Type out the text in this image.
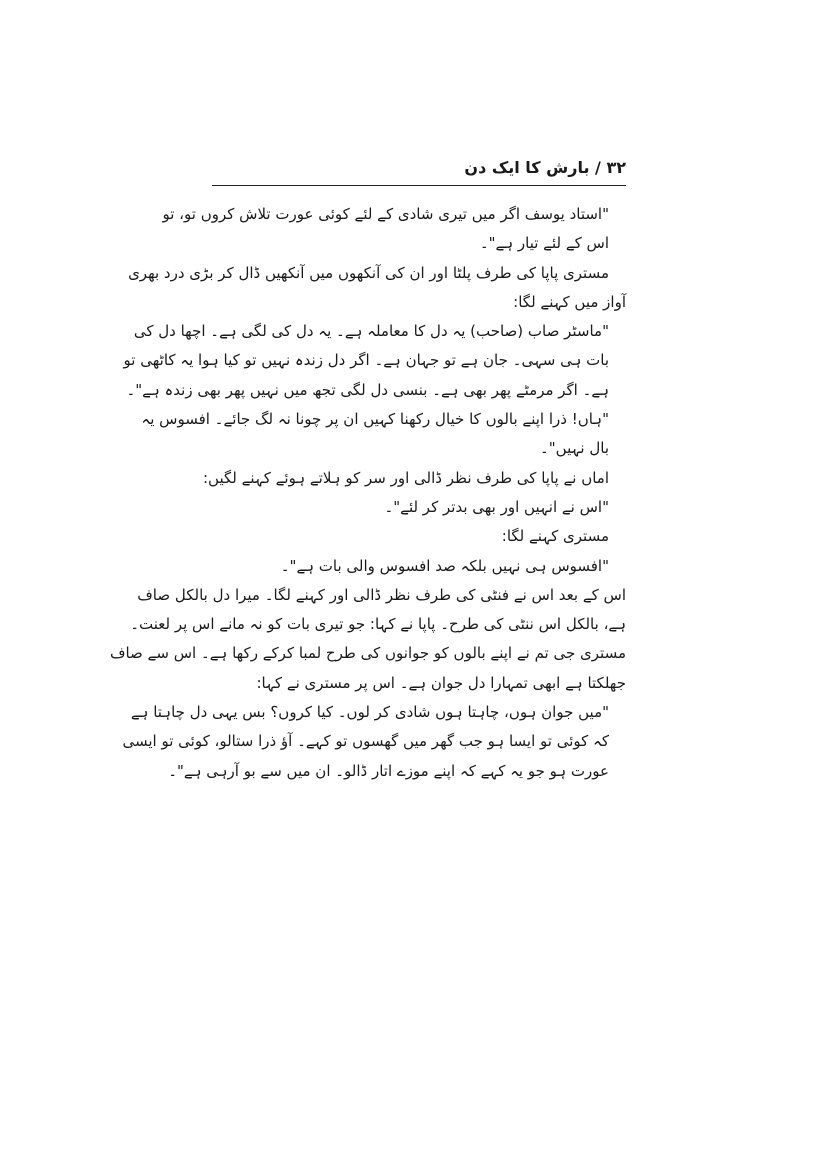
۳۲ / بارش کا ایک دن
"استاد یوسف اگر میں تیری شادی کے لئے کوئی عورت تلاش کروں تو، تو
اس کے لئے تیار ہے"۔
مستری پاپا کی طرف پلٹا اور ان کی آنکھوں میں آنکھیں ڈال کر بڑی درد بھری
آواز میں کہنے لگا:
"ماسٹر صاب (صاحب) یہ دل کا معاملہ ہے۔ یہ دل کی لگی ہے۔ اچھا دل کی
بات ہی سہی۔ جان ہے تو جہان ہے۔ اگر دل زندہ نہیں تو کیا ہوا یہ کاٹھی تو
ہے۔ اگر مرمٹے پھر بھی ہے۔ بنسی دل لگی تجھ میں نہیں پھر بھی زندہ ہے"۔
"ہاں! ذرا اپنے بالوں کا خیال رکھنا کہیں ان پر چونا نہ لگ جائے۔ افسوس یہ
بال نہیں"۔
اماں نے پاپا کی طرف نظر ڈالی اور سر کو ہلاتے ہوئے کہنے لگیں:
"اس نے انہیں اور بھی بدتر کر لئے"۔
مستری کہنے لگا:
"افسوس ہی نہیں بلکہ صد افسوس والی بات ہے"۔
اس کے بعد اس نے فنٹی کی طرف نظر ڈالی اور کہنے لگا۔ میرا دل بالکل صاف
ہے، بالکل اس ننٹی کی طرح۔ پاپا نے کہا: جو تیری بات کو نہ مانے اس پر لعنت۔
مستری جی تم نے اپنے بالوں کو جوانوں کی طرح لمبا کرکے رکھا ہے۔ اس سے صاف
جھلکتا ہے ابھی تمہارا دل جوان ہے۔ اس پر مستری نے کہا:
"میں جوان ہوں، چاہتا ہوں شادی کر لوں۔ کیا کروں؟ بس یہی دل چاہتا ہے
کہ کوئی تو ایسا ہو جب گھر میں گھسوں تو کہے۔ آؤ ذرا ستالو، کوئی تو ایسی
عورت ہو جو یہ کہے کہ اپنے موزے اتار ڈالو۔ ان میں سے بو آرہی ہے"۔
